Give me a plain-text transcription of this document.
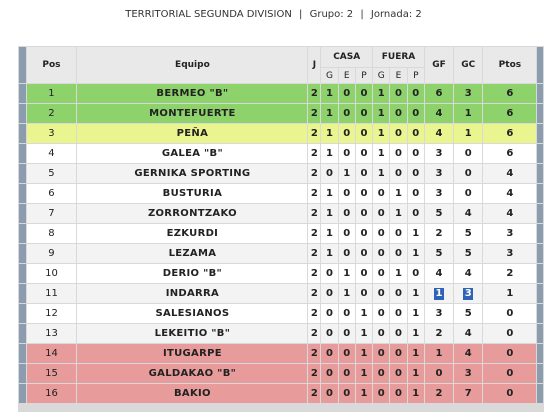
TERRITORIAL SEGUNDA DIVISION | Grupo: 2 | Jornada: 2
	Pos	Equipo	J	CASA			FUERA			GF	GC	Ptos	
				G	E	P	G	E	P				
	1	BERMEO "B"	2	1	0	0	1	0	0	6	3	6	
	2	MONTEFUERTE	2	1	0	0	1	0	0	4	1	6	
	3	PEÑA	2	1	0	0	1	0	0	4	1	6	
	4	GALEA "B"	2	1	0	0	1	0	0	3	0	6	
	5	GERNIKA SPORTING	2	0	1	0	1	0	0	3	0	4	
	6	BUSTURIA	2	1	0	0	0	1	0	3	0	4	
	7	ZORRONTZAKO	2	1	0	0	0	1	0	5	4	4	
	8	EZKURDI	2	1	0	0	0	0	1	2	5	3	
	9	LEZAMA	2	1	0	0	0	0	1	5	5	3	
	10	DERIO "B"	2	0	1	0	0	1	0	4	4	2	
	11	INDARRA	2	0	1	0	0	0	1	1	3	1	
	12	SALESIANOS	2	0	0	1	0	0	1	3	5	0	
	13	LEKEITIO "B"	2	0	0	1	0	0	1	2	4	0	
	14	ITUGARPE	2	0	0	1	0	0	1	1	4	0	
	15	GALDAKAO "B"	2	0	0	1	0	0	1	0	3	0	
	16	BAKIO	2	0	0	1	0	0	1	2	7	0	
